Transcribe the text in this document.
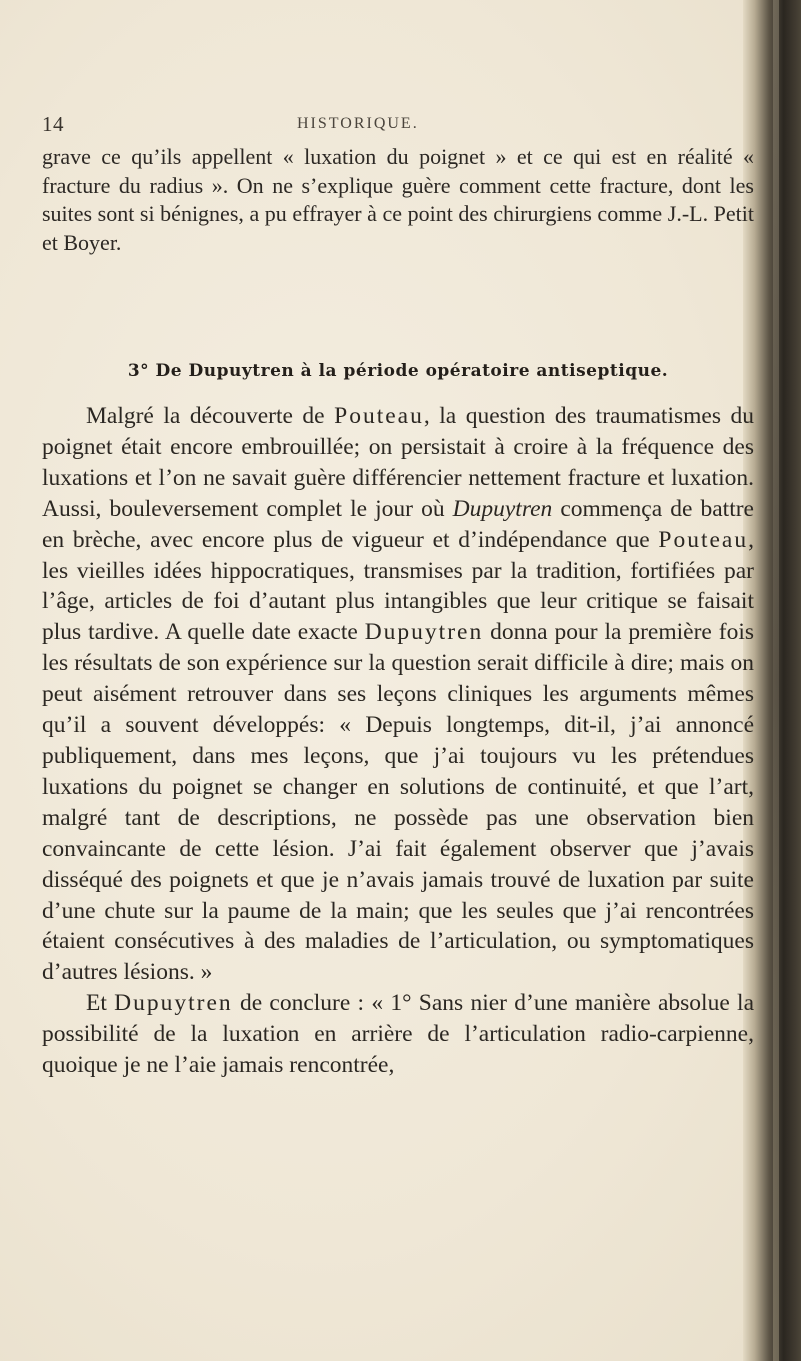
14	HISTORIQUE.
grave ce qu’ils appellent « luxation du poignet » et ce qui est en réalité « fracture du radius ». On ne s’explique guère comment cette fracture, dont les suites sont si bénignes, a pu effrayer à ce point des chirurgiens comme J.-L. Petit et Boyer.
3° De Dupuytren à la période opératoire antiseptique.

Malgré la découverte de Pouteau, la question des traumatismes du poignet était encore embrouillée; on persistait à croire à la fréquence des luxations et l’on ne savait guère différencier nettement fracture et luxation. Aussi, bouleversement complet le jour où Dupuytren commença de battre en brèche, avec encore plus de vigueur et d’indépendance que Pouteau, les vieilles idées hippocratiques, transmises par la tradition, fortifiées par l’âge, articles de foi d’autant plus intangibles que leur critique se faisait plus tardive. A quelle date exacte Dupuytren donna pour la première fois les résultats de son expérience sur la question serait difficile à dire; mais on peut aisément retrouver dans ses leçons cliniques les arguments mêmes qu’il a souvent développés: « Depuis longtemps, dit-il, j’ai annoncé publiquement, dans mes leçons, que j’ai toujours vu les prétendues luxations du poignet se changer en solutions de continuité, et que l’art, malgré tant de descriptions, ne possède pas une observation bien convaincante de cette lésion. J’ai fait également observer que j’avais disséqué des poignets et que je n’avais jamais trouvé de luxation par suite d’une chute sur la paume de la main; que les seules que j’ai rencontrées étaient consécutives à des maladies de l’articulation, ou symptomatiques d’autres lésions. »

Et Dupuytren de conclure : « 1° Sans nier d’une manière absolue la possibilité de la luxation en arrière de l’articulation radio-carpienne, quoique je ne l’aie jamais rencontrée,
